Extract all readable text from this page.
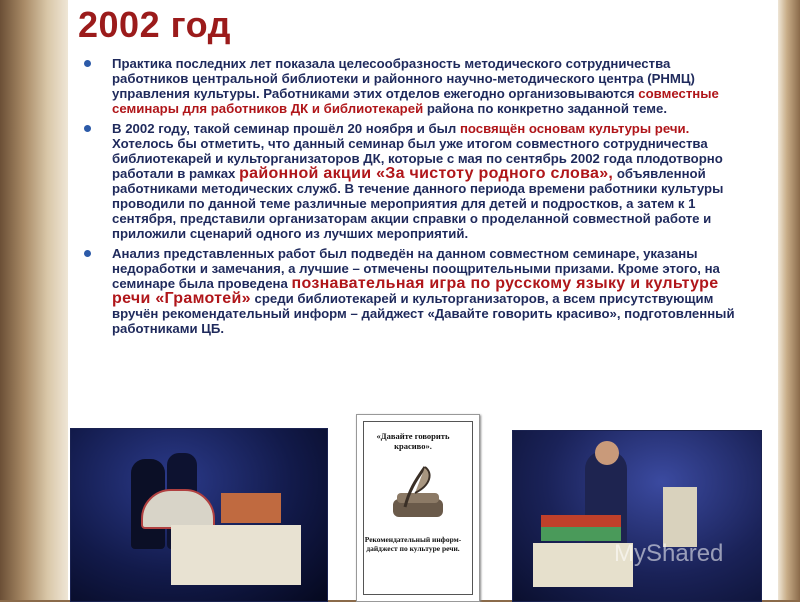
2002 год
Практика последних лет показала целесообразность методического сотрудничества работников центральной библиотеки и районного научно-методического центра (РНМЦ) управления культуры. Работниками этих отделов ежегодно организовываются совместные семинары для работников ДК и библиотекарей района по конкретно заданной теме.
В 2002 году, такой семинар прошёл 20 ноября и был посвящён основам культуры речи. Хотелось бы отметить, что данный семинар был уже итогом совместного сотрудничества библиотекарей и культорганизаторов ДК, которые с мая по сентябрь 2002 года плодотворно работали в рамках районной акции «За чистоту родного слова», объявленной работниками методических служб. В течение данного периода времени работники культуры проводили по данной теме различные мероприятия для детей и подростков, а затем к 1 сентября, представили организаторам акции справки о проделанной совместной работе и приложили сценарий одного из лучших мероприятий.
Анализ представленных работ был подведён на данном совместном семинаре, указаны недоработки и замечания, а лучшие – отмечены поощрительными призами. Кроме этого, на семинаре была проведена познавательная игра по русскому языку и культуре речи «Грамотей» среди библиотекарей и культорганизаторов, а всем присутствующим вручён рекомендательный информ – дайджест «Давайте говорить красиво», подготовленный работниками ЦБ.
«Давайте говорить красиво».
Рекомендательный информ-дайджест по культуре речи.	MyShared
